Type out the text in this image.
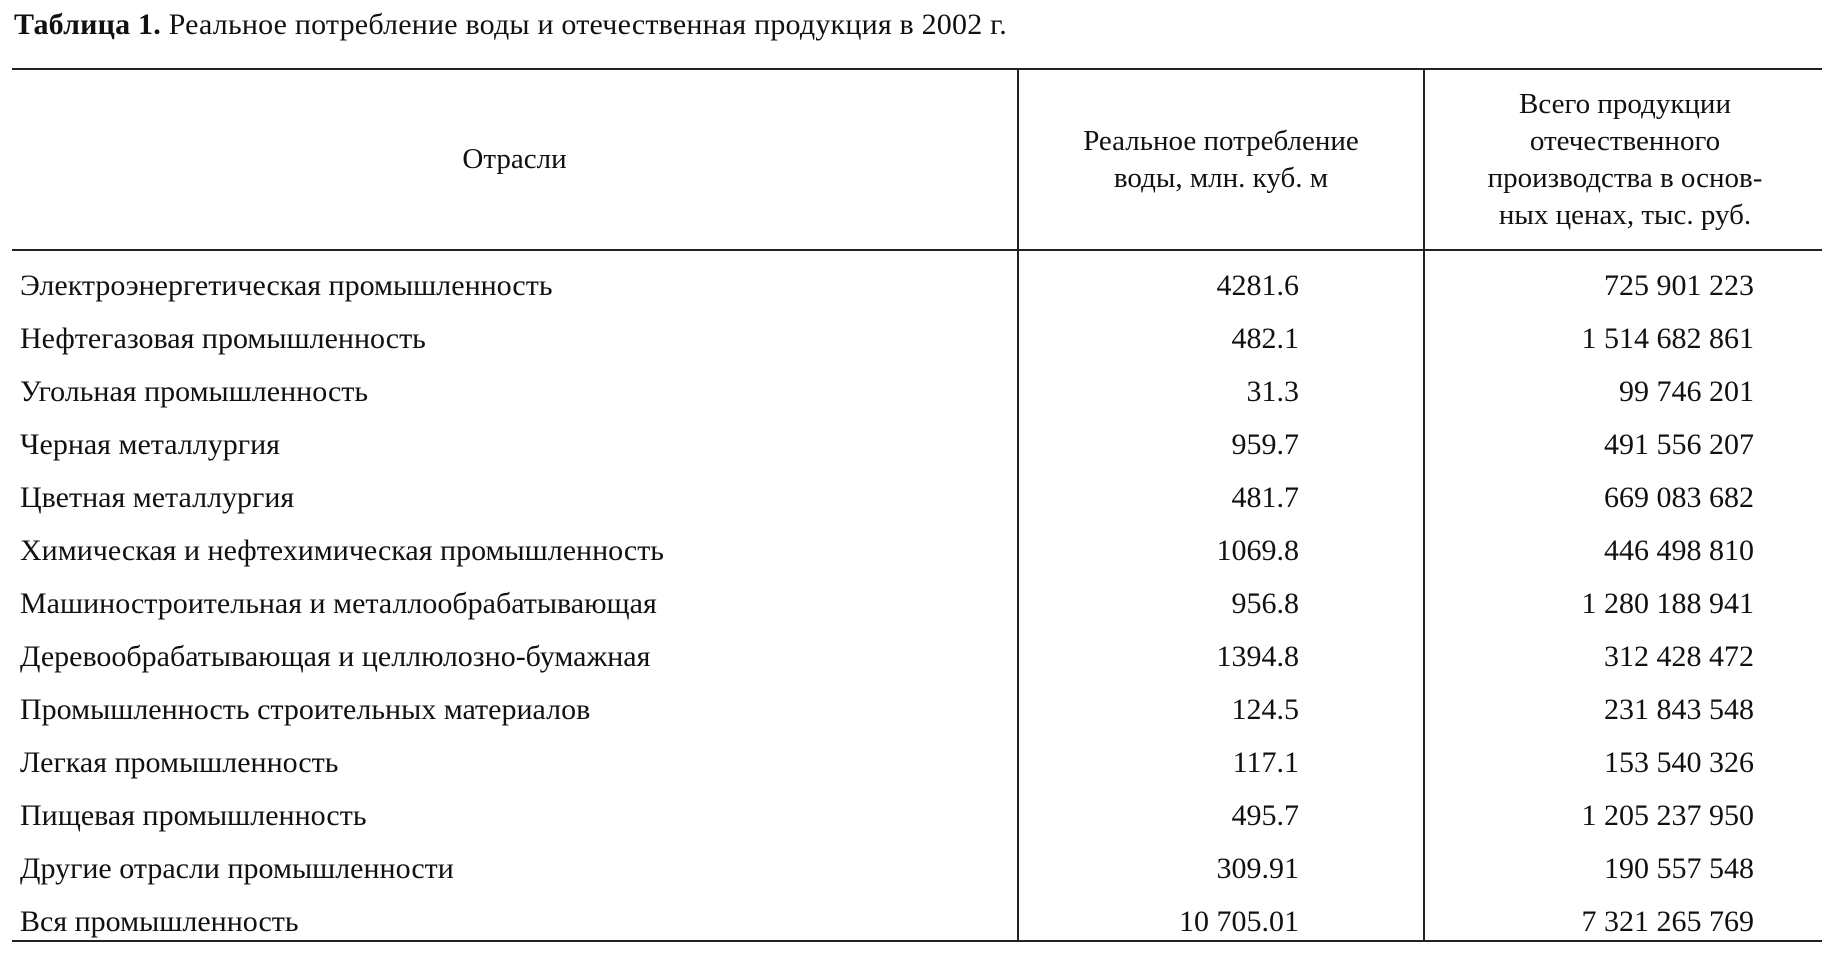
Таблица 1. Реальное потребление воды и отечественная продукция в 2002 г.
Отрасли
Реальное потребление
воды, млн. куб. м
Всего продукции
отечественного
производства в основ-
ных ценах, тыс. руб.
Электроэнергетическая промышленность	4281.6	725 901 223
Нефтегазовая промышленность	482.1	1 514 682 861
Угольная промышленность	31.3	99 746 201
Черная металлургия	959.7	491 556 207
Цветная металлургия	481.7	669 083 682
Химическая и нефтехимическая промышленность	1069.8	446 498 810
Машиностроительная и металлообрабатывающая	956.8	1 280 188 941
Деревообрабатывающая и целлюлозно-бумажная	1394.8	312 428 472
Промышленность строительных материалов	124.5	231 843 548
Легкая промышленность	117.1	153 540 326
Пищевая промышленность	495.7	1 205 237 950
Другие отрасли промышленности	309.91	190 557 548
Вся промышленность	10 705.01	7 321 265 769
